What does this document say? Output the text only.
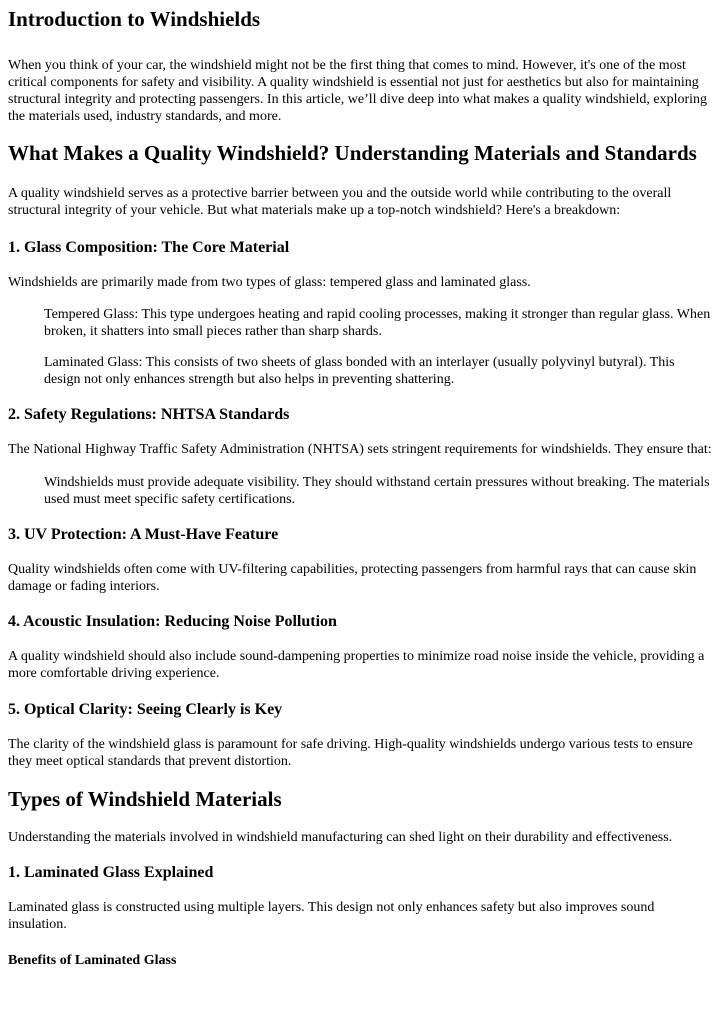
Introduction to Windshields

When you think of your car, the windshield might not be the first thing that comes to mind. However, it's one of the most critical components for safety and visibility. A quality windshield is essential not just for aesthetics but also for maintaining structural integrity and protecting passengers. In this article, we’ll dive deep into what makes a quality windshield, exploring the materials used, industry standards, and more.

What Makes a Quality Windshield? Understanding Materials and Standards

A quality windshield serves as a protective barrier between you and the outside world while contributing to the overall structural integrity of your vehicle. But what materials make up a top-notch windshield? Here's a breakdown:

1. Glass Composition: The Core Material

Windshields are primarily made from two types of glass: tempered glass and laminated glass.

Tempered Glass: This type undergoes heating and rapid cooling processes, making it stronger than regular glass. When broken, it shatters into small pieces rather than sharp shards.

Laminated Glass: This consists of two sheets of glass bonded with an interlayer (usually polyvinyl butyral). This design not only enhances strength but also helps in preventing shattering.

2. Safety Regulations: NHTSA Standards

The National Highway Traffic Safety Administration (NHTSA) sets stringent requirements for windshields. They ensure that:

Windshields must provide adequate visibility. They should withstand certain pressures without breaking. The materials used must meet specific safety certifications.

3. UV Protection: A Must-Have Feature

Quality windshields often come with UV-filtering capabilities, protecting passengers from harmful rays that can cause skin damage or fading interiors.

4. Acoustic Insulation: Reducing Noise Pollution

A quality windshield should also include sound-dampening properties to minimize road noise inside the vehicle, providing a more comfortable driving experience.

5. Optical Clarity: Seeing Clearly is Key

The clarity of the windshield glass is paramount for safe driving. High-quality windshields undergo various tests to ensure they meet optical standards that prevent distortion.

Types of Windshield Materials

Understanding the materials involved in windshield manufacturing can shed light on their durability and effectiveness.

1. Laminated Glass Explained

Laminated glass is constructed using multiple layers. This design not only enhances safety but also improves sound insulation.

Benefits of Laminated Glass
